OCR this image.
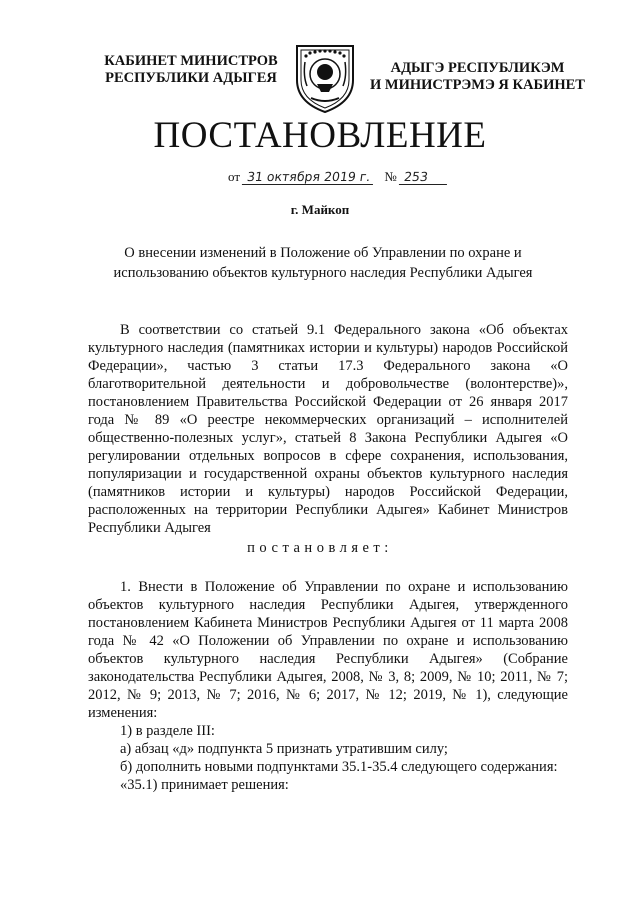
КАБИНЕТ МИНИСТРОВ
РЕСПУБЛИКИ АДЫГЕЯ
АДЫГЭ РЕСПУБЛИКЭМ
И МИНИСТРЭМЭ Я КАБИНЕТ
ПОСТАНОВЛЕНИЕ
от 31 октября 2019 г. № 253
г. Майкоп
О внесении изменений в Положение об Управлении по охране и использованию объектов культурного наследия Республики Адыгея

В соответствии со статьей 9.1 Федерального закона «Об объектах культурного наследия (памятниках истории и культуры) народов Российской Федерации», частью 3 статьи 17.3 Федерального закона «О благотворительной деятельности и добровольчестве (волонтерстве)», постановлением Правительства Российской Федерации от 26 января 2017 года № 89 «О реестре некоммерческих организаций – исполнителей общественно-полезных услуг», статьей 8 Закона Республики Адыгея «О регулировании отдельных вопросов в сфере сохранения, использования, популяризации и государственной охраны объектов культурного наследия (памятников истории и культуры) народов Российской Федерации, расположенных на территории Республики Адыгея» Кабинет Министров Республики Адыгея

постановляет:

1. Внести в Положение об Управлении по охране и использованию объектов культурного наследия Республики Адыгея, утвержденного постановлением Кабинета Министров Республики Адыгея от 11 марта 2008 года № 42 «О Положении об Управлении по охране и использованию объектов культурного наследия Республики Адыгея» (Собрание законодательства Республики Адыгея, 2008, № 3, 8; 2009, № 10; 2011, № 7; 2012, № 9; 2013, № 7; 2016, № 6; 2017, № 12; 2019, № 1), следующие изменения:

1) в разделе III:

а) абзац «д» подпункта 5 признать утратившим силу;

б) дополнить новыми подпунктами 35.1-35.4 следующего содержания:

«35.1) принимает решения:
